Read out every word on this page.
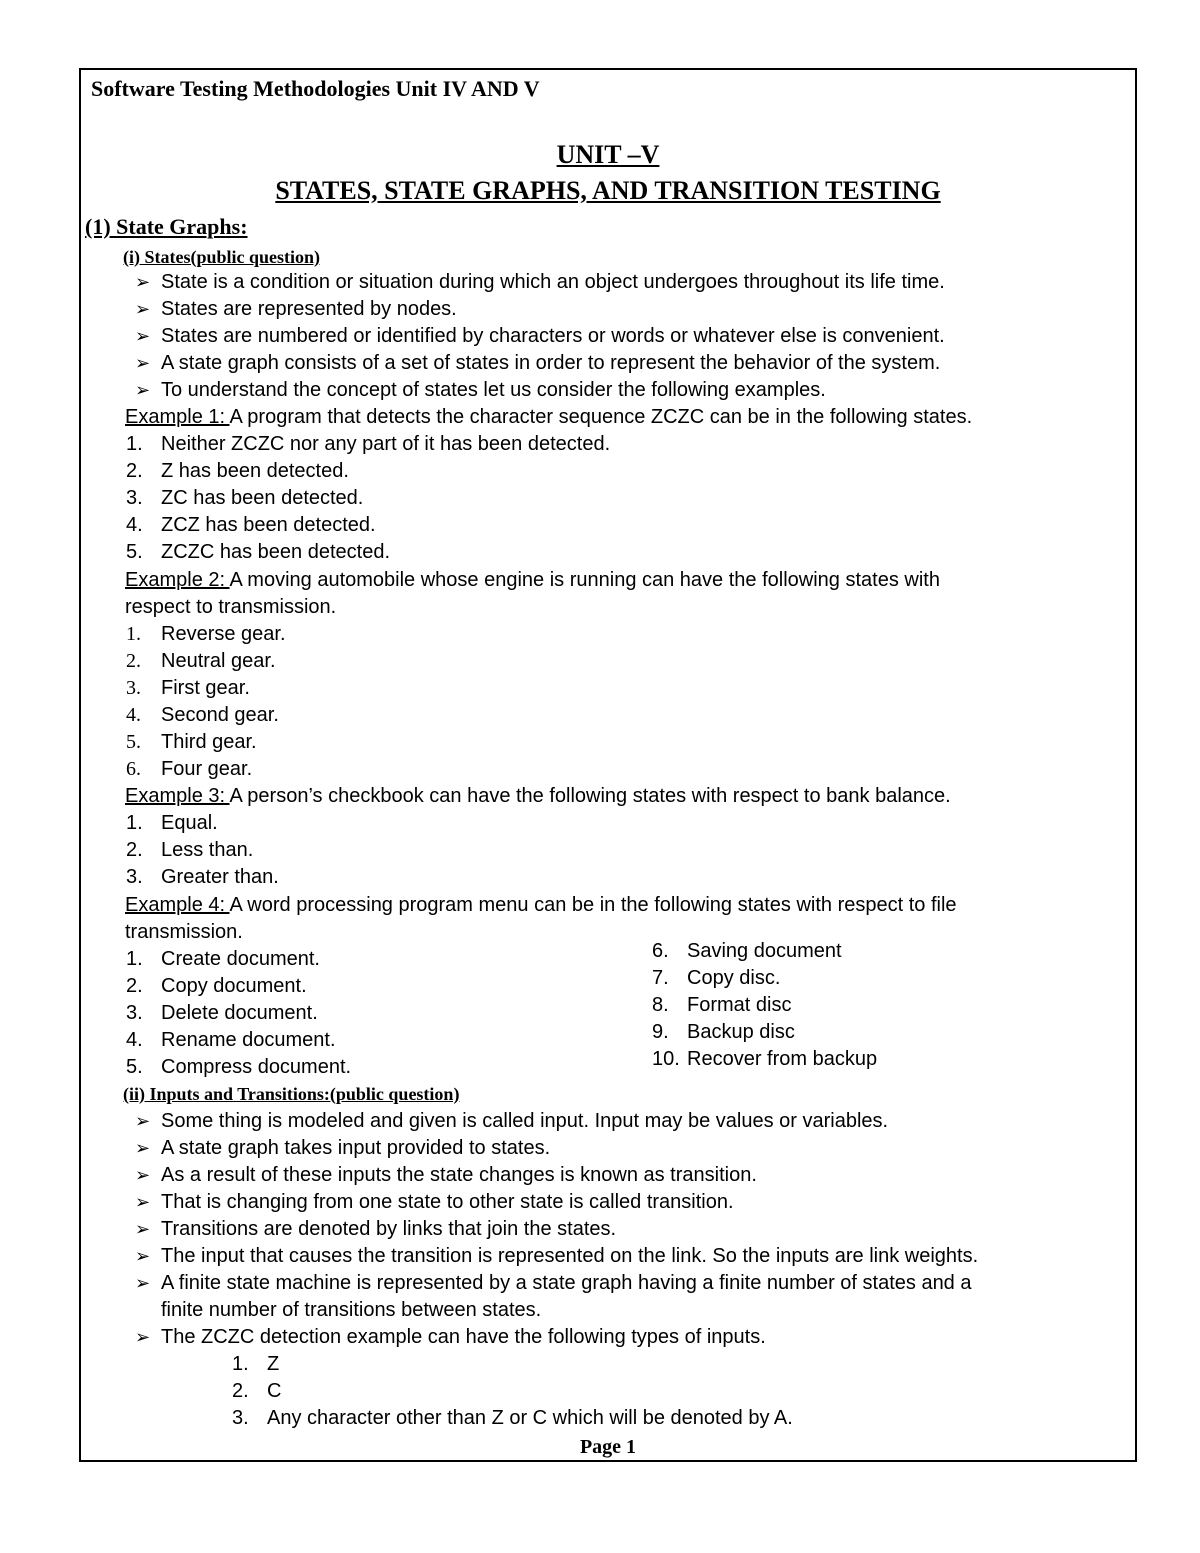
Software Testing Methodologies Unit IV AND V
UNIT –V
STATES, STATE GRAPHS, AND TRANSITION TESTING
(1) State Graphs:
(i) States(public question)
➢ State is a condition or situation during which an object undergoes throughout its life time.
➢ States are represented by nodes.
➢ States are numbered or identified by characters or words or whatever else is convenient.
➢ A state graph consists of a set of states in order to represent the behavior of the system.
➢ To understand the concept of states let us consider the following examples.
Example 1: A program that detects the character sequence ZCZC can be in the following states.
1. Neither ZCZC nor any part of it has been detected.
2. Z has been detected.
3. ZC has been detected.
4. ZCZ has been detected.
5. ZCZC has been detected.
Example 2: A moving automobile whose engine is running can have the following states with
respect to transmission.
1. Reverse gear.
2. Neutral gear.
3. First gear.
4. Second gear.
5. Third gear.
6. Four gear.
Example 3: A person’s checkbook can have the following states with respect to bank balance.
1. Equal.
2. Less than.
3. Greater than.
Example 4: A word processing program menu can be in the following states with respect to file
transmission.
1. Create document.
2. Copy document.
3. Delete document.
4. Rename document.
5. Compress document.
6. Saving document
7. Copy disc.
8. Format disc
9. Backup disc
10. Recover from backup
(ii) Inputs and Transitions:(public question)
➢ Some thing is modeled and given is called input. Input may be values or variables.
➢ A state graph takes input provided to states.
➢ As a result of these inputs the state changes is known as transition.
➢ That is changing from one state to other state is called transition.
➢ Transitions are denoted by links that join the states.
➢ The input that causes the transition is represented on the link. So the inputs are link weights.
➢ A finite state machine is represented by a state graph having a finite number of states and a
finite number of transitions between states.
➢ The ZCZC detection example can have the following types of inputs.
1. Z
2. C
3. Any character other than Z or C which will be denoted by A.
Page 1
